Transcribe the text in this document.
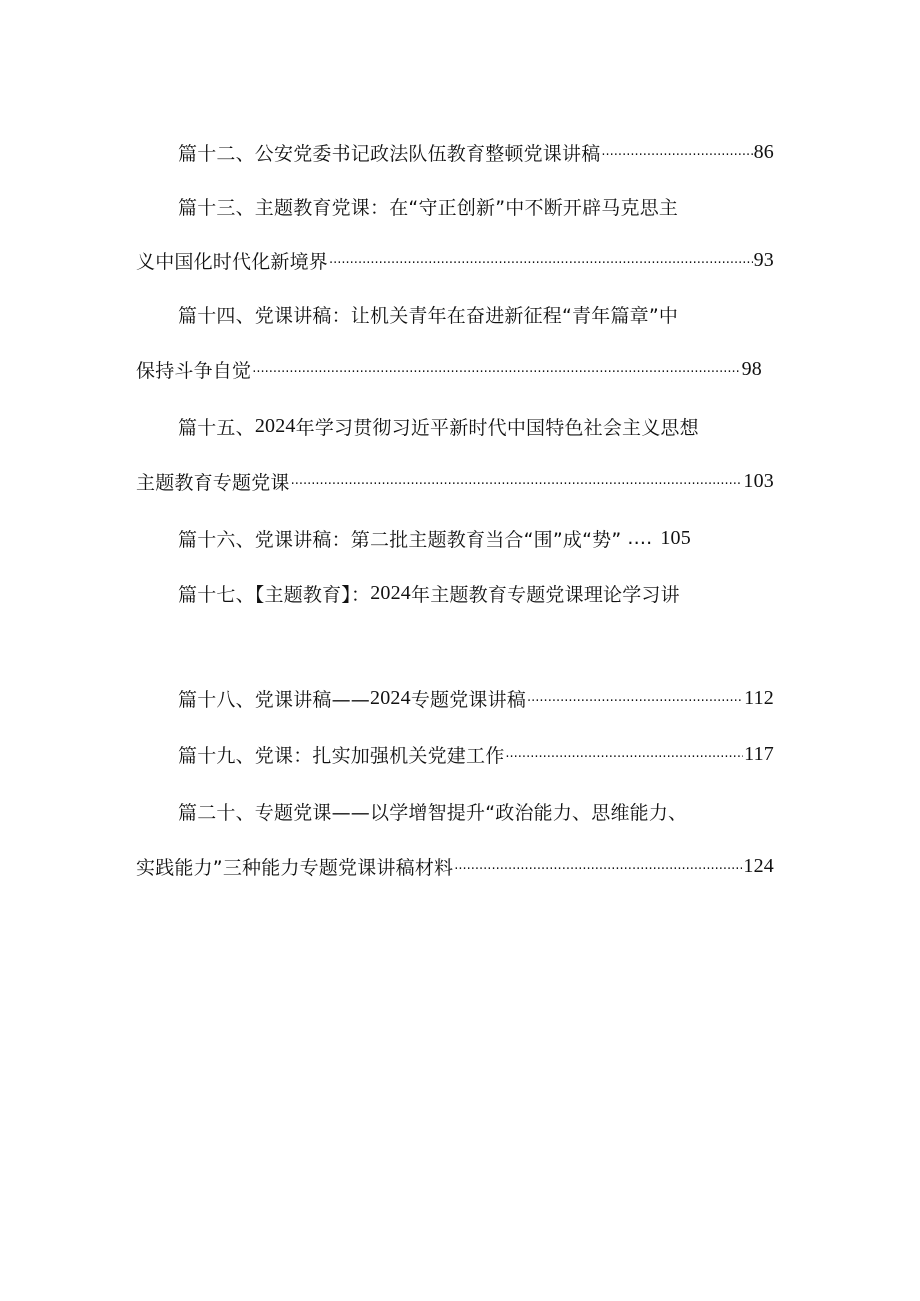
篇十二、公安党委书记政法队伍教育整顿党课讲稿 .....	86
篇十三、主题教育党课：在“守正创新”中不断开辟马克思主
义中国化时代化新境界 .....	93
篇十四、党课讲稿：让机关青年在奋进新征程“青年篇章”中
保持斗争自觉 .....	98
篇十五、 2024 年学习贯彻习近平新时代中国特色社会主义思想
主题教育专题党课 .....	103
篇十六、党课讲稿：第二批主题教育当合“围”成“势” .... 105
篇十七、【主题教育】： 2024 年主题教育专题党课理论学习讲
篇十八、党课讲稿—— 2024 专题党课讲稿 .....	112
篇十九、党课：扎实加强机关党建工作 .....	117
篇二十、专题党课——以学增智提升“政治能力、思维能力、
实践能力”三种能力专题党课讲稿材料 .....	124
